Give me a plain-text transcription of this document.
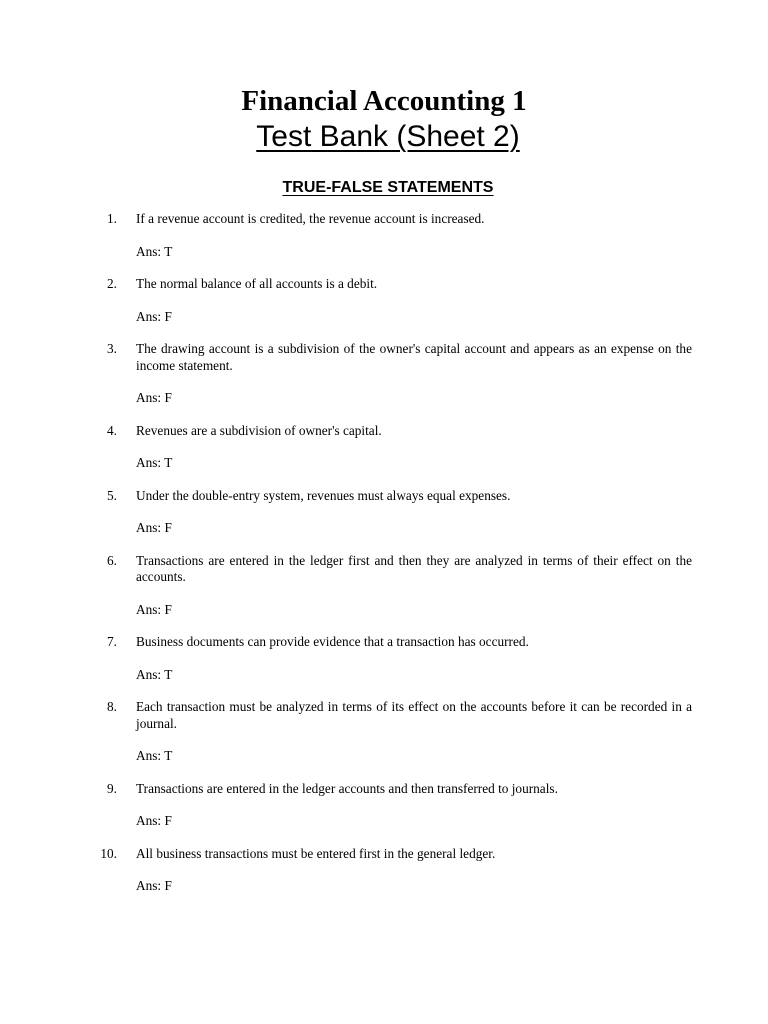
Financial Accounting 1
Test Bank (Sheet 2)
TRUE-FALSE STATEMENTS
1. If a revenue account is credited, the revenue account is increased.
Ans: T
2. The normal balance of all accounts is a debit.
Ans: F
3. The drawing account is a subdivision of the owner's capital account and appears as an expense on the income statement.
Ans: F
4. Revenues are a subdivision of owner's capital.
Ans: T
5. Under the double-entry system, revenues must always equal expenses.
Ans: F
6. Transactions are entered in the ledger first and then they are analyzed in terms of their effect on the accounts.
Ans: F
7. Business documents can provide evidence that a transaction has occurred.
Ans: T
8. Each transaction must be analyzed in terms of its effect on the accounts before it can be recorded in a journal.
Ans: T
9. Transactions are entered in the ledger accounts and then transferred to journals.
Ans: F
10. All business transactions must be entered first in the general ledger.
Ans: F
